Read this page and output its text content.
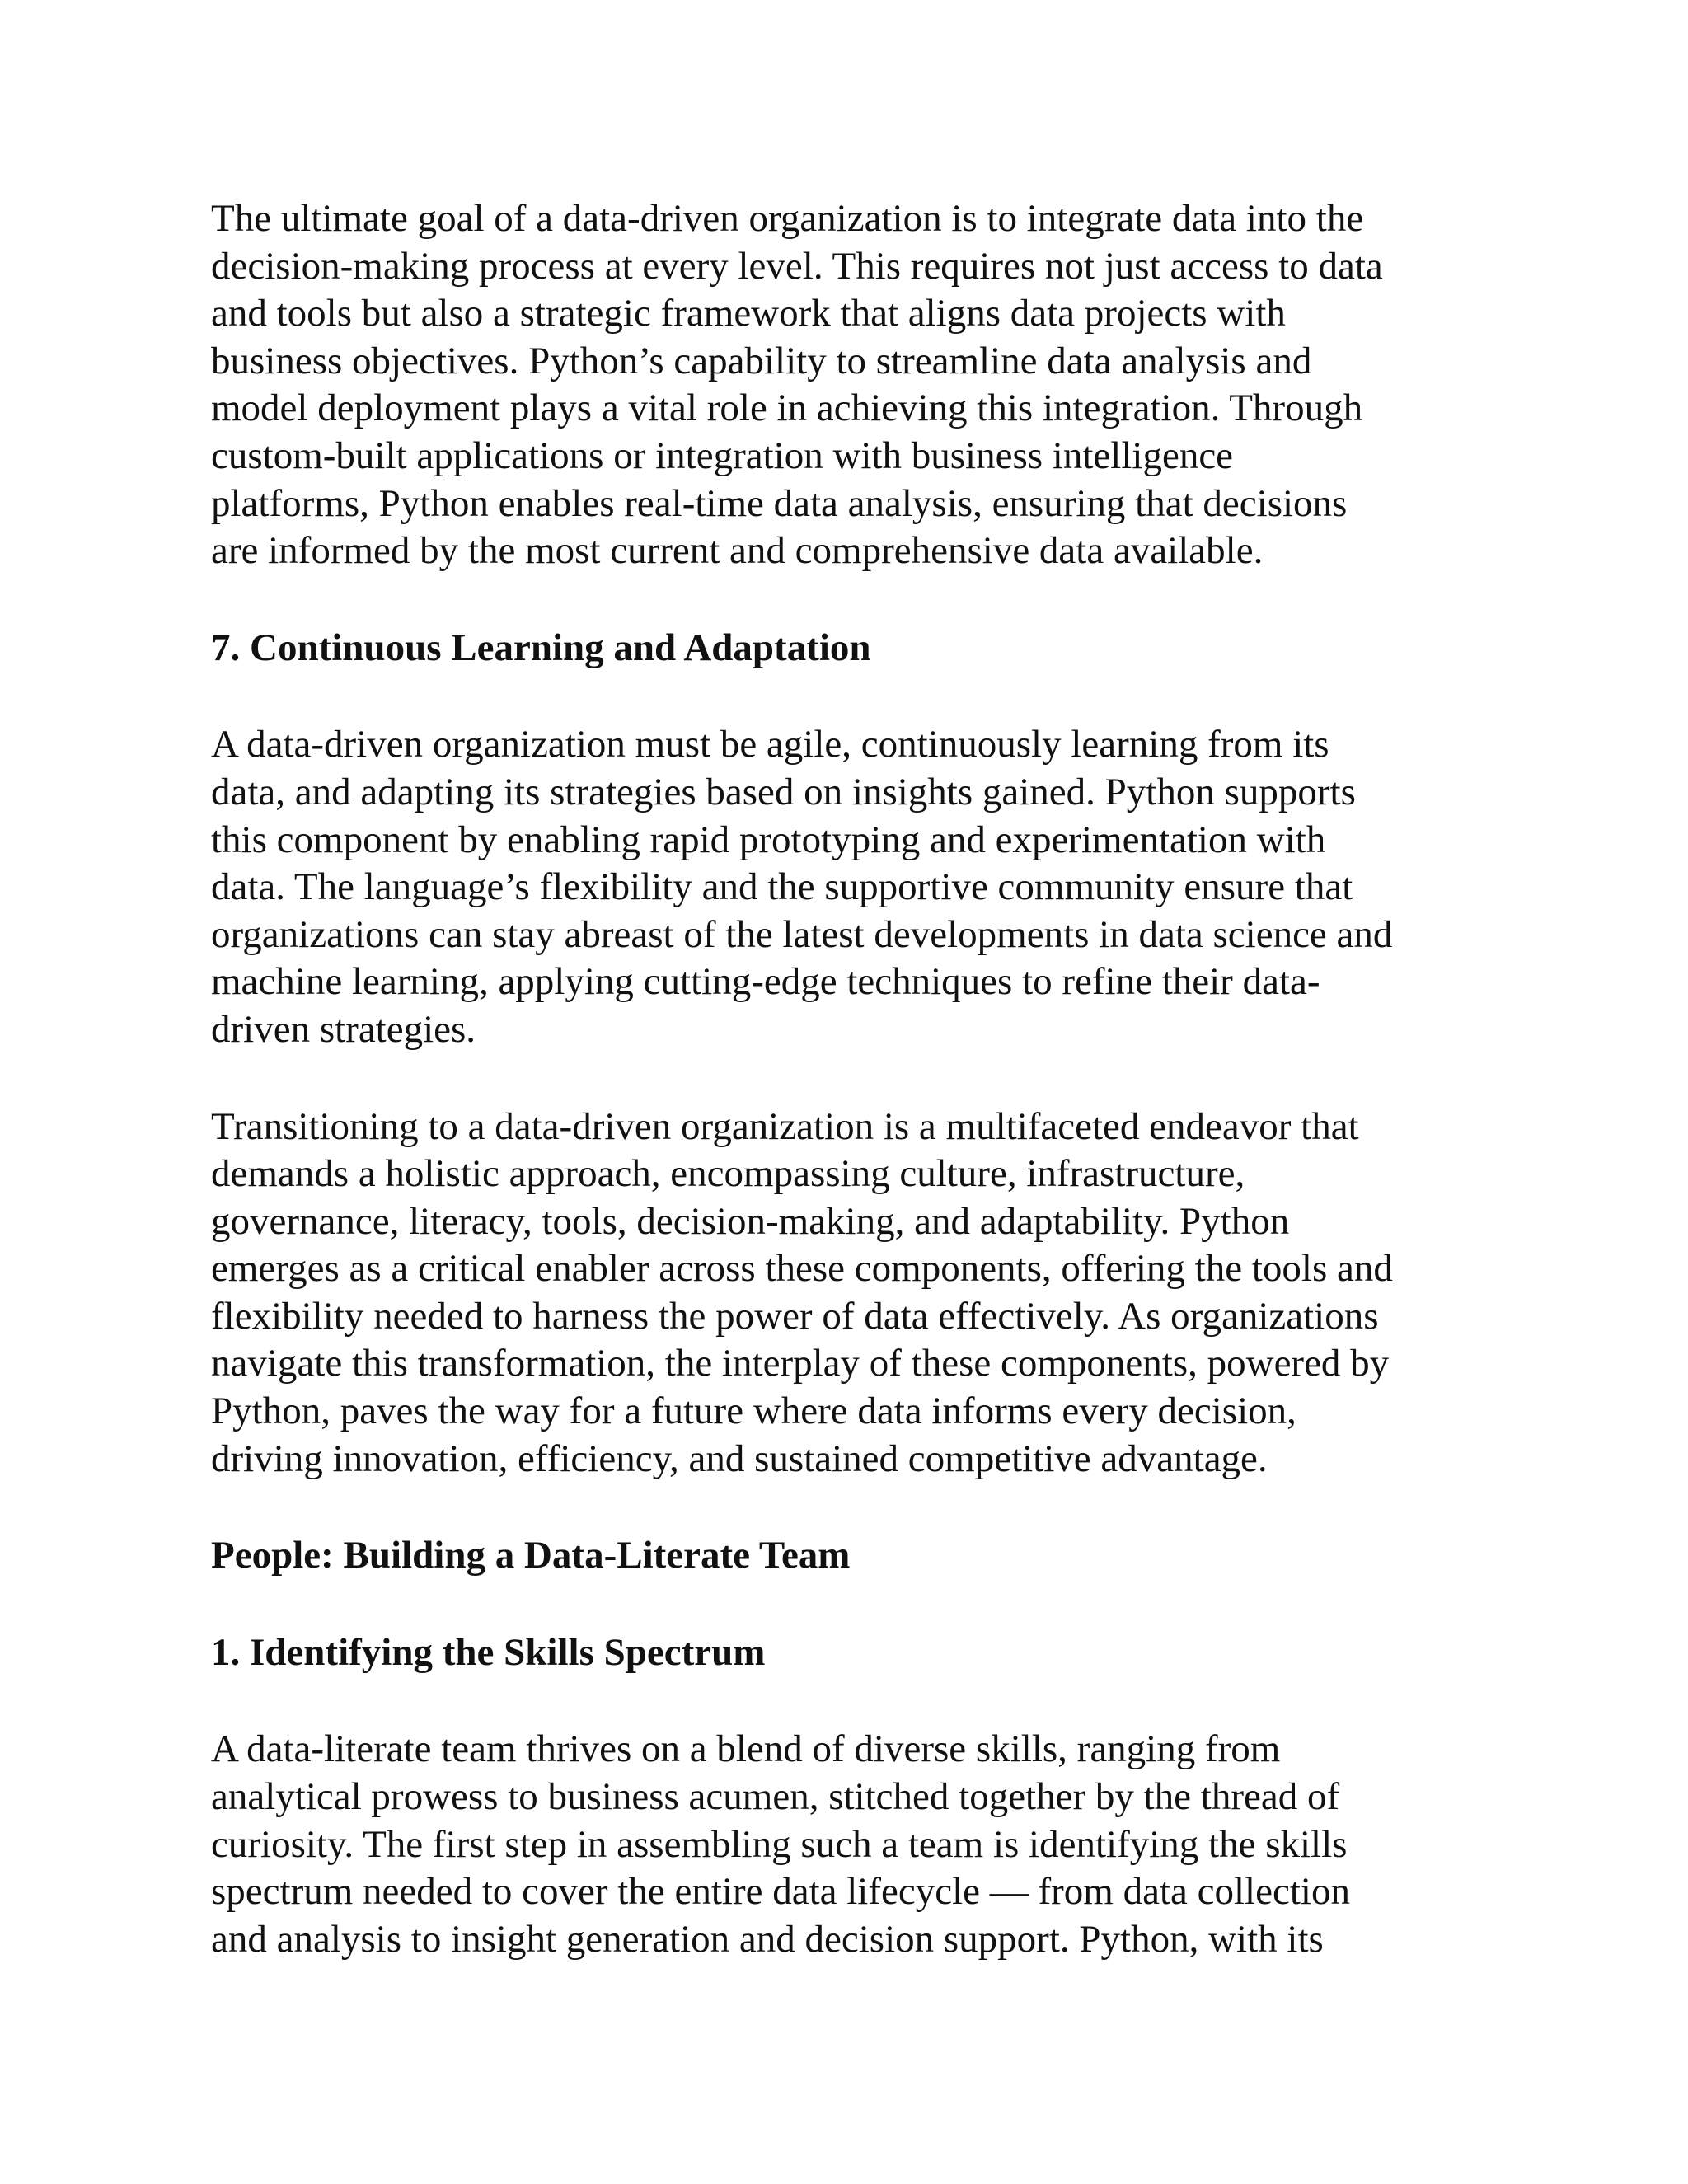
The ultimate goal of a data-driven organization is to integrate data into the
decision-making process at every level. This requires not just access to data
and tools but also a strategic framework that aligns data projects with
business objectives. Python’s capability to streamline data analysis and
model deployment plays a vital role in achieving this integration. Through
custom-built applications or integration with business intelligence
platforms, Python enables real-time data analysis, ensuring that decisions
are informed by the most current and comprehensive data available.

7. Continuous Learning and Adaptation

A data-driven organization must be agile, continuously learning from its
data, and adapting its strategies based on insights gained. Python supports
this component by enabling rapid prototyping and experimentation with
data. The language’s flexibility and the supportive community ensure that
organizations can stay abreast of the latest developments in data science and
machine learning, applying cutting-edge techniques to refine their data-
driven strategies.

Transitioning to a data-driven organization is a multifaceted endeavor that
demands a holistic approach, encompassing culture, infrastructure,
governance, literacy, tools, decision-making, and adaptability. Python
emerges as a critical enabler across these components, offering the tools and
flexibility needed to harness the power of data effectively. As organizations
navigate this transformation, the interplay of these components, powered by
Python, paves the way for a future where data informs every decision,
driving innovation, efficiency, and sustained competitive advantage.

People: Building a Data-Literate Team
1. Identifying the Skills Spectrum

A data-literate team thrives on a blend of diverse skills, ranging from
analytical prowess to business acumen, stitched together by the thread of
curiosity. The first step in assembling such a team is identifying the skills
spectrum needed to cover the entire data lifecycle — from data collection
and analysis to insight generation and decision support. Python, with its
